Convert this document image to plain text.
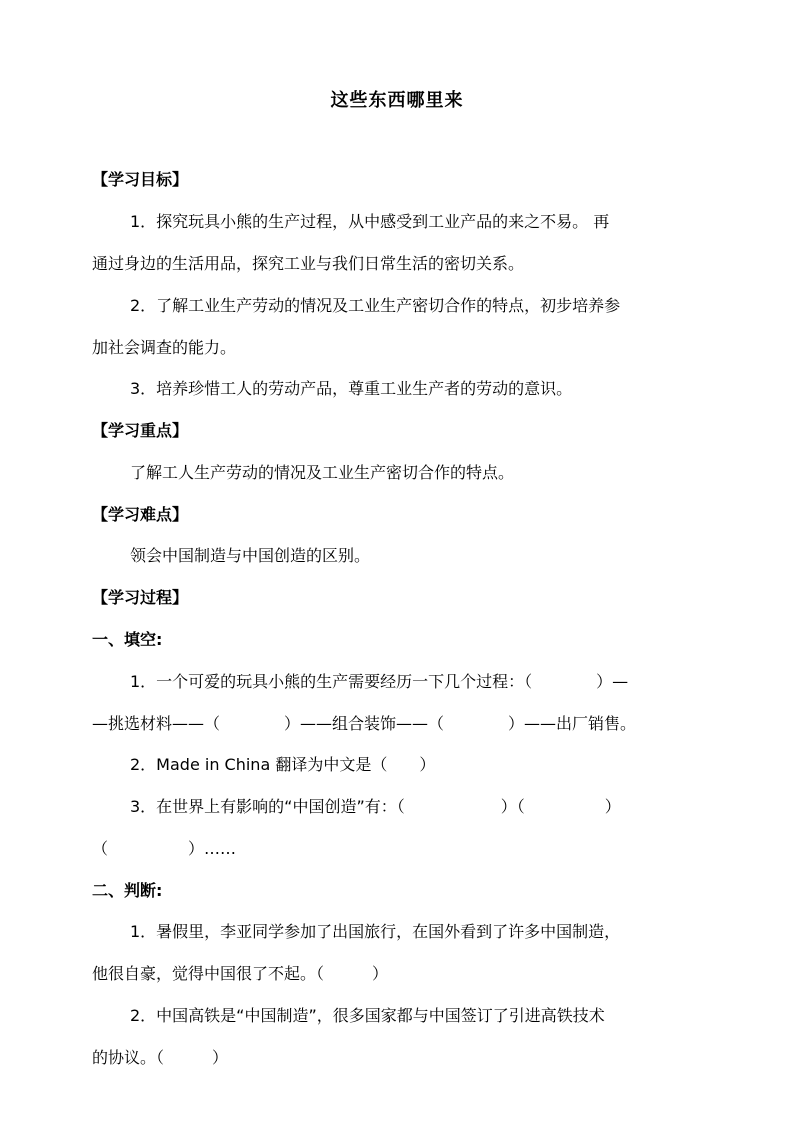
这些东西哪里来
【学习目标】
1．探究玩具小熊的生产过程，从中感受到工业产品的来之不易。 再
通过身边的生活用品，探究工业与我们日常生活的密切关系。
2．了解工业生产劳动的情况及工业生产密切合作的特点，初步培养参
加社会调查的能力。
3．培养珍惜工人的劳动产品，尊重工业生产者的劳动的意识。
【学习重点】
了解工人生产劳动的情况及工业生产密切合作的特点。
【学习难点】
领会中国制造与中国创造的区别。
【学习过程】
一、填空:
1．一个可爱的玩具小熊的生产需要经历一下几个过程：（　　　　）—
—挑选材料——（　　　　）——组合装饰——（　　　　）——出厂销售。
2．Made in China 翻译为中文是（　　）
3．在世界上有影响的“中国创造”有：（　　　　　　）（　　　　　）
（　　　　　）……
二、判断:
1．暑假里，李亚同学参加了出国旅行，在国外看到了许多中国制造，
他很自豪，觉得中国很了不起。（　　　）
2．中国高铁是“中国制造”，很多国家都与中国签订了引进高铁技术
的协议。（　　　）
